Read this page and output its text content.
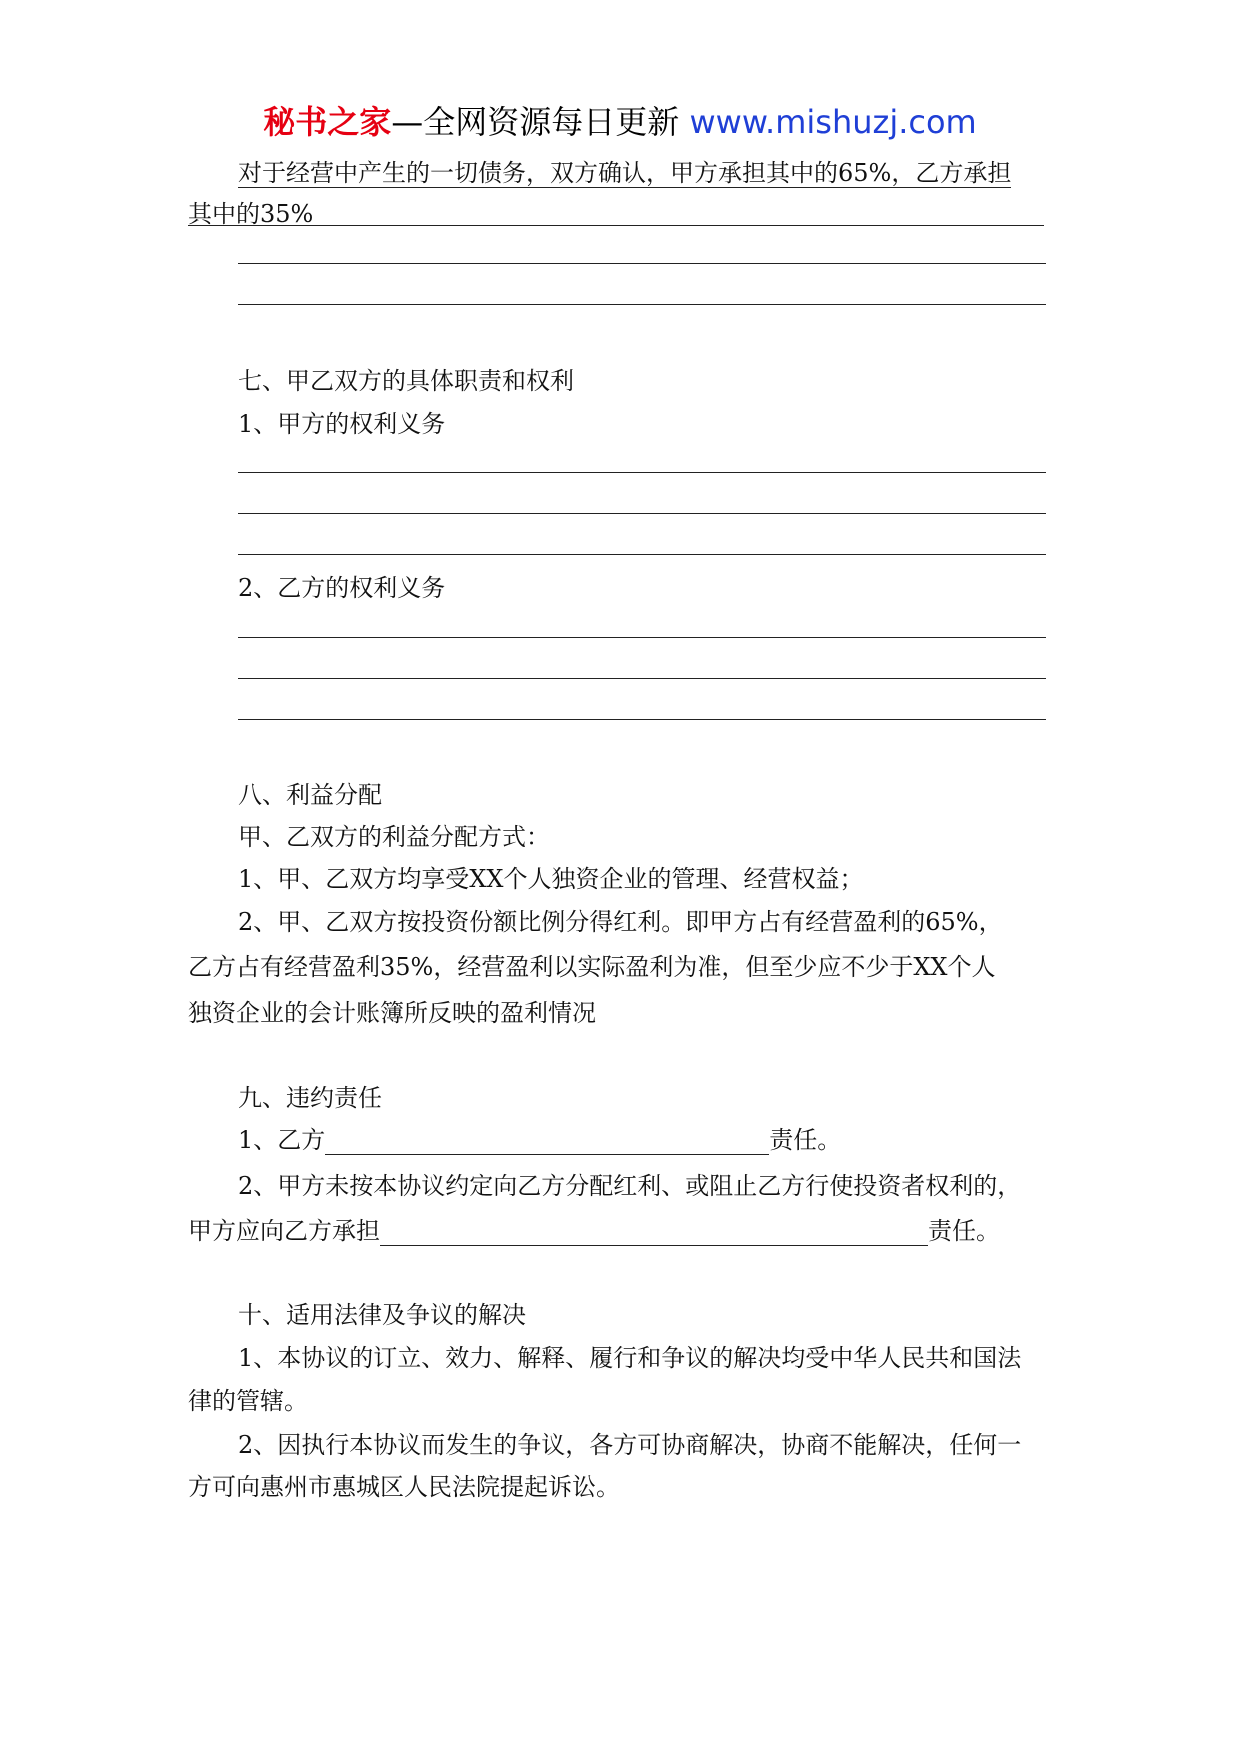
秘书之家—全网资源每日更新 www.mishuzj.com
对于经营中产生的一切债务，双方确认，甲方承担其中的65%，乙方承担
其中的35%
七、甲乙双方的具体职责和权利
1、甲方的权利义务
2、乙方的权利义务
八、利益分配
甲、乙双方的利益分配方式：
1、甲、乙双方均享受XX个人独资企业的管理、经营权益；
2、甲、乙双方按投资份额比例分得红利。即甲方占有经营盈利的65%，
乙方占有经营盈利35%，经营盈利以实际盈利为准，但至少应不少于XX个人
独资企业的会计账簿所反映的盈利情况
九、违约责任
1、乙方	责任。
2、甲方未按本协议约定向乙方分配红利、或阻止乙方行使投资者权利的，
甲方应向乙方承担	责任。
十、适用法律及争议的解决
1、本协议的订立、效力、解释、履行和争议的解决均受中华人民共和国法
律的管辖。
2、因执行本协议而发生的争议，各方可协商解决，协商不能解决，任何一
方可向惠州市惠城区人民法院提起诉讼。
